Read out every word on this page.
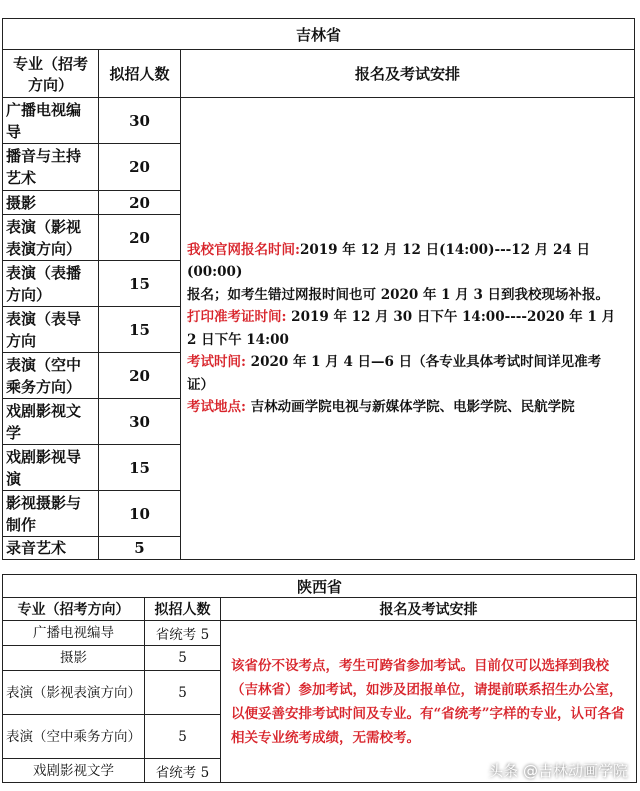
吉林省		
专业（招考方向）	拟招人数	报名及考试安排
广播电视编导	30	我校官网报名时间:2019 年 12 月 12 日(14:00)---12 月 24 日(00:00)
报名；如考生错过网报时间也可 2020 年 1 月 3 日到我校现场补报。
打印准考证时间: 2019 年 12 月 30 日下午 14:00----2020 年 1 月 2 日下午 14:00
考试时间: 2020 年 1 月 4 日—6 日（各专业具体考试时间详见准考证）
考试地点: 吉林动画学院电视与新媒体学院、电影学院、民航学院
播音与主持艺术	20	
摄影	20	
表演（影视表演方向）	20	
表演（表播方向）	15	
表演（表导方向	15	
表演（空中乘务方向）	20	
戏剧影视文学	30	
戏剧影视导演	15	
影视摄影与制作	10	
录音艺术	5	
陕西省		
专业（招考方向）	拟招人数	报名及考试安排
广播电视编导	省统考 5	该省份不设考点，考生可跨省参加考试。目前仅可以选择到我校（吉林省）参加考试，如涉及团报单位，请提前联系招生办公室，以便妥善安排考试时间及专业。有“省统考”字样的专业，认可各省相关专业统考成绩，无需校考。
摄影	5	
表演（影视表演方向）	5	
表演（空中乘务方向）	5	
戏剧影视文学	省统考 5		头条 @吉林动画学院
